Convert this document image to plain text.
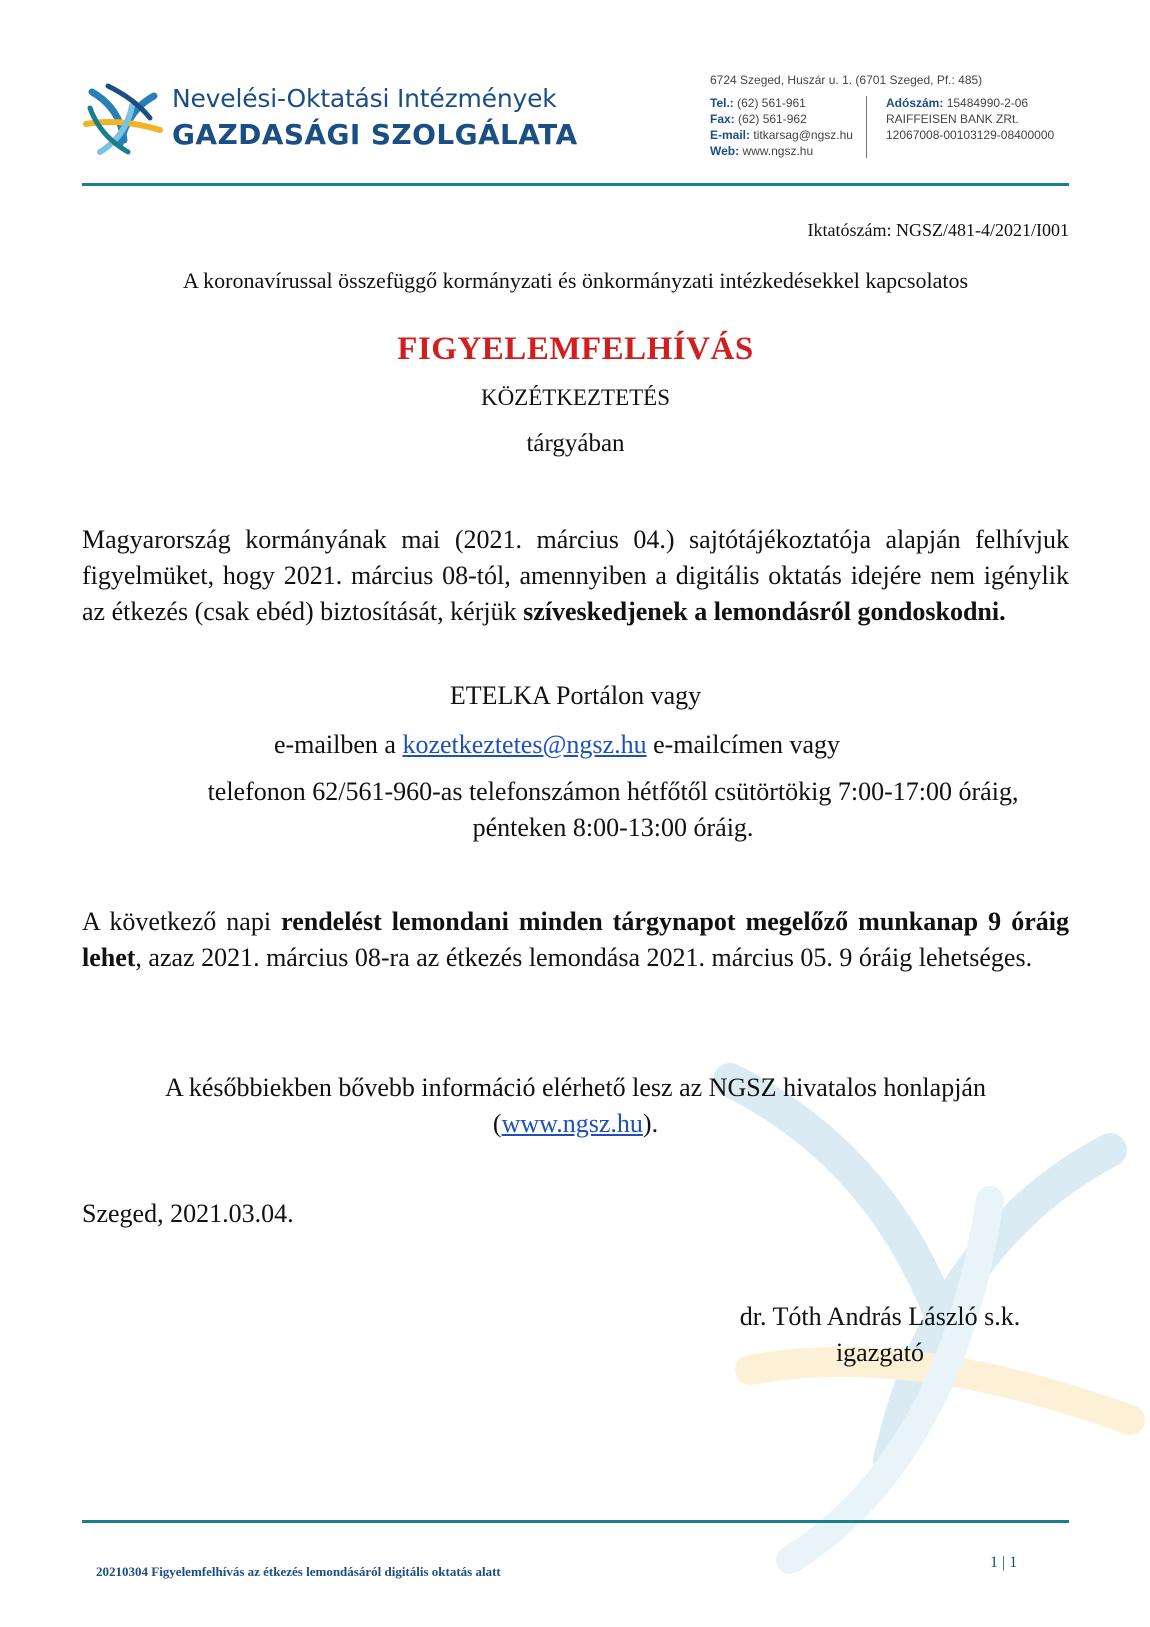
Nevelési-Oktatási Intézmények
GAZDASÁGI SZOLGÁLATA
6724 Szeged, Huszár u. 1. (6701 Szeged, Pf.: 485)
Tel.: (62) 561-961
Fax: (62) 561-962
E-mail: titkarsag@ngsz.hu
Web: www.ngsz.hu
Adószám: 15484990-2-06
RAIFFEISEN BANK ZRt.
12067008-00103129-08400000
Iktatószám: NGSZ/481-4/2021/I001
A koronavírussal összefüggő kormányzati és önkormányzati intézkedésekkel kapcsolatos
FIGYELEMFELHÍVÁS
KÖZÉTKEZTETÉS
tárgyában
Magyarország kormányának mai (2021. március 04.) sajtótájékoztatója alapján felhívjuk figyelmüket, hogy 2021. március 08-tól, amennyiben a digitális oktatás idejére nem igénylik az étkezés (csak ebéd) biztosítását, kérjük szíveskedjenek a lemondásról gondoskodni.
ETELKA Portálon vagy
e-mailben a kozetkeztetes@ngsz.hu e-mailcímen vagy
telefonon 62/561-960-as telefonszámon hétfőtől csütörtökig 7:00-17:00 óráig, pénteken 8:00-13:00 óráig.
A következő napi rendelést lemondani minden tárgynapot megelőző munkanap 9 óráig lehet, azaz 2021. március 08-ra az étkezés lemondása 2021. március 05. 9 óráig lehetséges.
A későbbiekben bővebb információ elérhető lesz az NGSZ hivatalos honlapján (www.ngsz.hu).
Szeged, 2021.03.04.
dr. Tóth András László s.k.
igazgató
20210304 Figyelemfelhívás az étkezés lemondásáról digitális oktatás alatt
1 | 1
